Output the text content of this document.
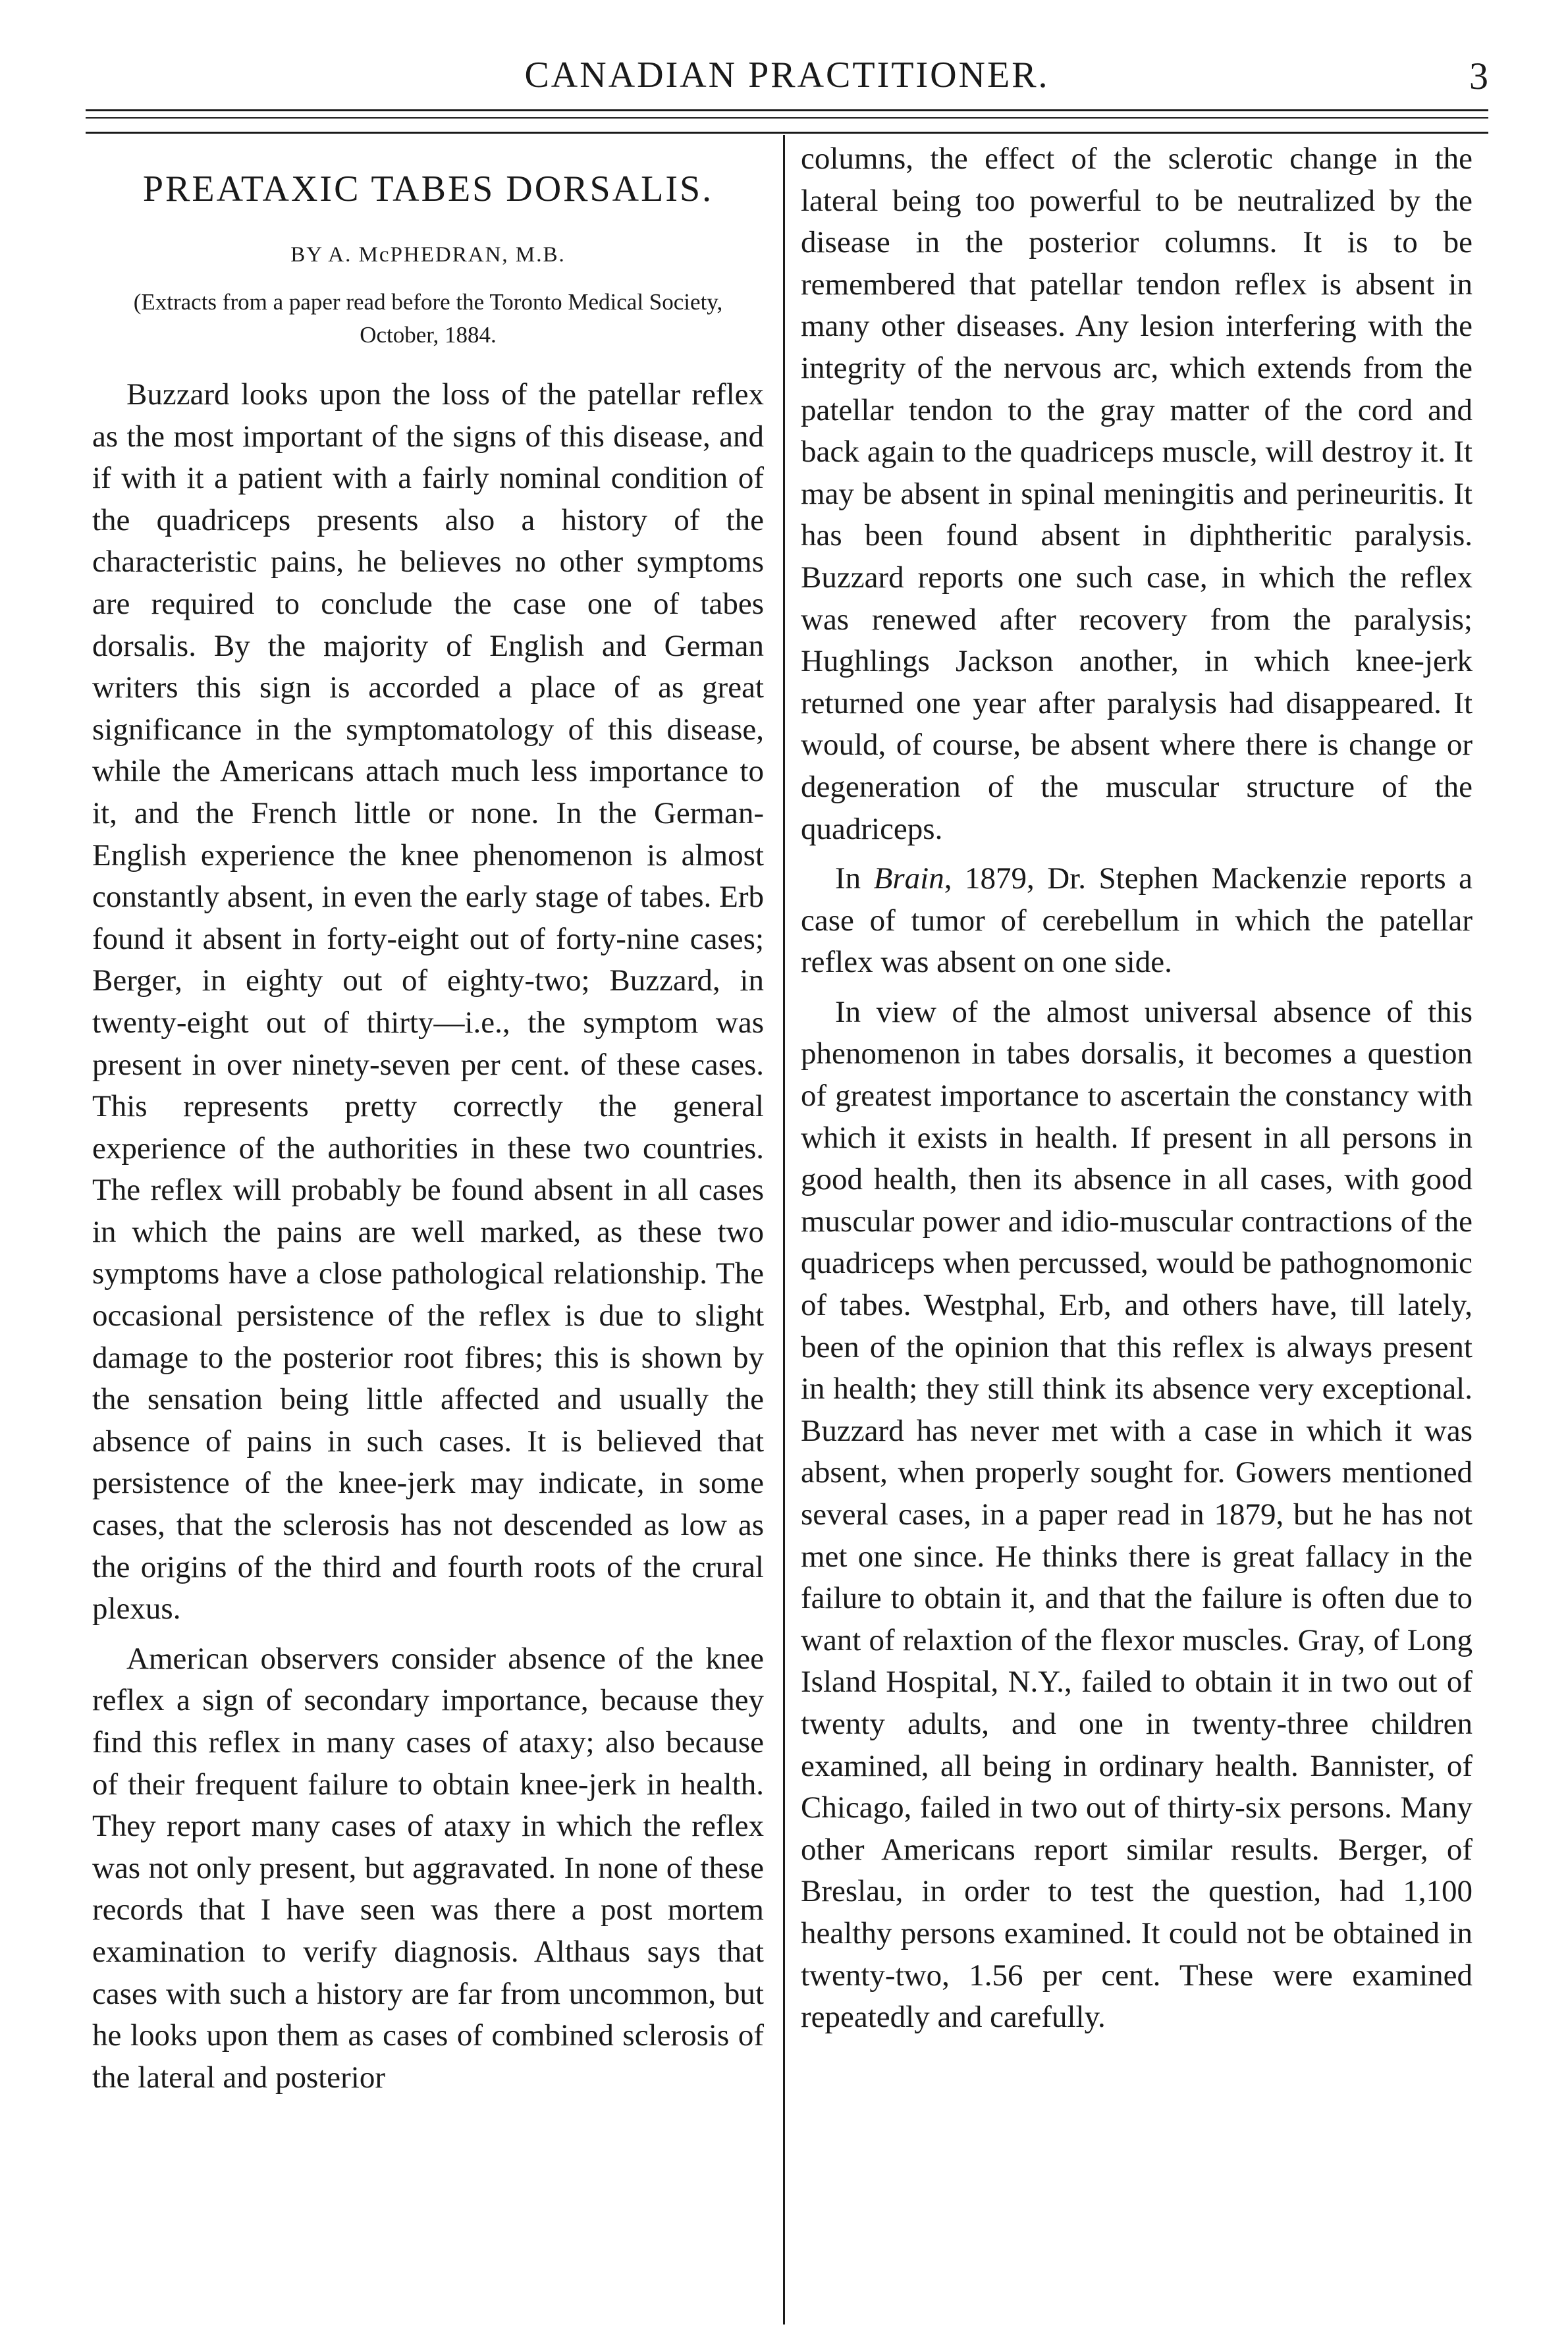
CANADIAN PRACTITIONER.	3
PREATAXIC TABES DORSALIS.
BY A. McPHEDRAN, M.B.
(Extracts from a paper read before the Toronto Medical Society, October, 1884.

Buzzard looks upon the loss of the patellar reflex as the most important of the signs of this disease, and if with it a patient with a fairly nominal condition of the quadriceps presents also a history of the characteristic pains, he believes no other symptoms are required to conclude the case one of tabes dorsalis. By the majority of English and German writers this sign is accorded a place of as great significance in the symptomatology of this disease, while the Americans attach much less importance to it, and the French little or none. In the German-English experience the knee phenomenon is almost constantly absent, in even the early stage of tabes. Erb found it absent in forty-eight out of forty-nine cases; Berger, in eighty out of eighty-two; Buzzard, in twenty-eight out of thirty—i.e., the symptom was present in over ninety-seven per cent. of these cases. This represents pretty correctly the general experience of the authorities in these two countries. The reflex will probably be found absent in all cases in which the pains are well marked, as these two symptoms have a close pathological relationship. The occasional persistence of the reflex is due to slight damage to the posterior root fibres; this is shown by the sensation being little affected and usually the absence of pains in such cases. It is believed that persistence of the knee-jerk may indicate, in some cases, that the sclerosis has not descended as low as the origins of the third and fourth roots of the crural plexus.

American observers consider absence of the knee reflex a sign of secondary importance, because they find this reflex in many cases of ataxy; also because of their frequent failure to obtain knee-jerk in health. They report many cases of ataxy in which the reflex was not only present, but aggravated. In none of these records that I have seen was there a post mortem examination to verify diagnosis. Althaus says that cases with such a history are far from uncommon, but he looks upon them as cases of combined sclerosis of the lateral and posterior

columns, the effect of the sclerotic change in the lateral being too powerful to be neutralized by the disease in the posterior columns. It is to be remembered that patellar tendon reflex is absent in many other diseases. Any lesion interfering with the integrity of the nervous arc, which extends from the patellar tendon to the gray matter of the cord and back again to the quadriceps muscle, will destroy it. It may be absent in spinal meningitis and perineuritis. It has been found absent in diphtheritic paralysis. Buzzard reports one such case, in which the reflex was renewed after recovery from the paralysis; Hughlings Jackson another, in which knee-jerk returned one year after paralysis had disappeared. It would, of course, be absent where there is change or degeneration of the muscular structure of the quadriceps.

In Brain, 1879, Dr. Stephen Mackenzie reports a case of tumor of cerebellum in which the patellar reflex was absent on one side.

In view of the almost universal absence of this phenomenon in tabes dorsalis, it becomes a question of greatest importance to ascertain the constancy with which it exists in health. If present in all persons in good health, then its absence in all cases, with good muscular power and idio-muscular contractions of the quadriceps when percussed, would be pathognomonic of tabes. Westphal, Erb, and others have, till lately, been of the opinion that this reflex is always present in health; they still think its absence very exceptional. Buzzard has never met with a case in which it was absent, when properly sought for. Gowers mentioned several cases, in a paper read in 1879, but he has not met one since. He thinks there is great fallacy in the failure to obtain it, and that the failure is often due to want of relaxtion of the flexor muscles. Gray, of Long Island Hospital, N.Y., failed to obtain it in two out of twenty adults, and one in twenty-three children examined, all being in ordinary health. Bannister, of Chicago, failed in two out of thirty-six persons. Many other Americans report similar results. Berger, of Breslau, in order to test the question, had 1,100 healthy persons examined. It could not be obtained in twenty-two, 1.56 per cent. These were examined repeatedly and carefully.
